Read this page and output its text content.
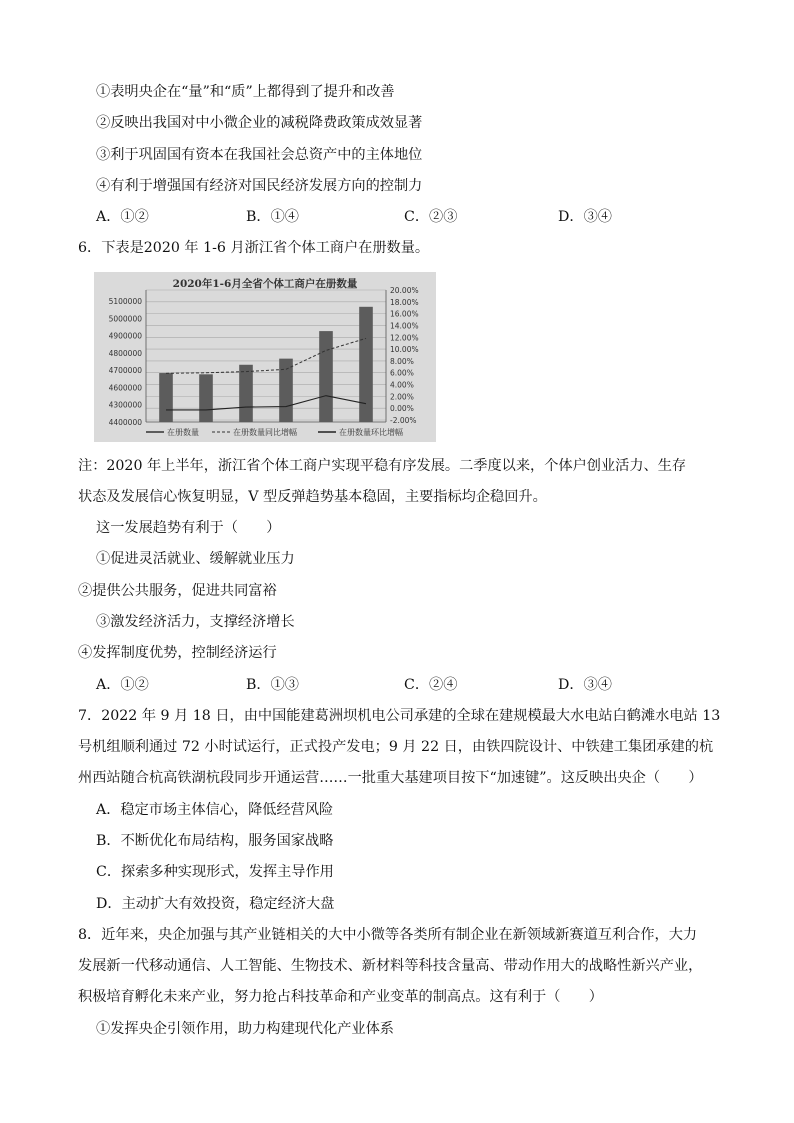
①表明央企在“量”和“质”上都得到了提升和改善
②反映出我国对中小微企业的减税降费政策成效显著
③利于巩固国有资本在我国社会总资产中的主体地位
④有利于增强国有经济对国民经济发展方向的控制力
A．①②	B．①④	C．②③	D．③④
6．下表是2020 年 1-6 月浙江省个体工商户在册数量。
2020年1-6月全省个体工商户在册数量
5100000
5000000
4900000
4800000
4700000
4600000
4300000
4400000
20.00%
18.00%
16.00%
14.00%
12.00%
10.00%
8.00%
6.00%
4.00%
2.00%
0.00%
-2.00%
在册数量	在册数量同比增幅	在册数量环比增幅
注：2020 年上半年，浙江省个体工商户实现平稳有序发展。二季度以来，个体户创业活力、生存
状态及发展信心恢复明显，V 型反弹趋势基本稳固，主要指标均企稳回升。
这一发展趋势有利于（　　）
①促进灵活就业、缓解就业压力
②提供公共服务，促进共同富裕
③激发经济活力，支撑经济增长
④发挥制度优势，控制经济运行
A．①②	B．①③	C．②④	D．③④
7．2022 年 9 月 18 日，由中国能建葛洲坝机电公司承建的全球在建规模最大水电站白鹤滩水电站 13
号机组顺利通过 72 小时试运行，正式投产发电；9 月 22 日，由铁四院设计、中铁建工集团承建的杭
州西站随合杭高铁湖杭段同步开通运营……一批重大基建项目按下“加速键”。这反映出央企（　　）
A．稳定市场主体信心，降低经营风险
B．不断优化布局结构，服务国家战略
C．探索多种实现形式，发挥主导作用
D．主动扩大有效投资，稳定经济大盘
8．近年来，央企加强与其产业链相关的大中小微等各类所有制企业在新领域新赛道互利合作，大力
发展新一代移动通信、人工智能、生物技术、新材料等科技含量高、带动作用大的战略性新兴产业，
积极培育孵化未来产业，努力抢占科技革命和产业变革的制高点。这有利于（　　）
①发挥央企引领作用，助力构建现代化产业体系
